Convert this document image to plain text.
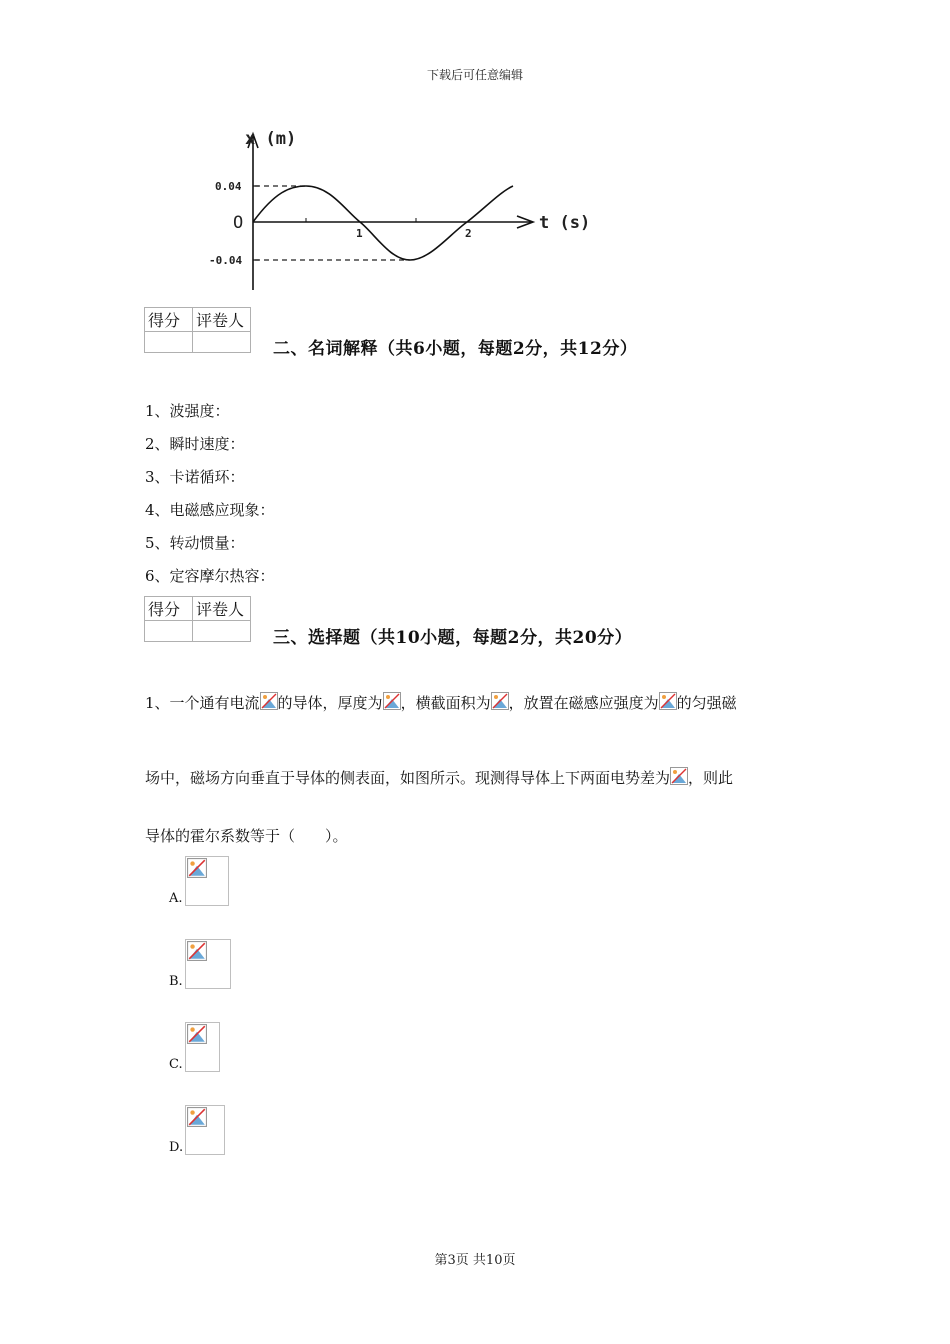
下载后可任意编辑
x (m)
t (s)
O
0.04
-0.04
1	2
得分	评卷人

二、名词解释（共6小题，每题2分，共12分）
1、波强度：
2、瞬时速度：
3、卡诺循环：
4、电磁感应现象：
5、转动惯量：
6、定容摩尔热容：
得分	评卷人

三、选择题（共10小题，每题2分，共20分）
1、一个通有电流 的导体，厚度为 ，横截面积为 ，放置在磁感应强度为 的匀强磁
场中，磁场方向垂直于导体的侧表面，如图所示。现测得导体上下两面电势差为 ，则此
导体的霍尔系数等于（　　）。
A.
B.
C.
D.
第3页 共10页
